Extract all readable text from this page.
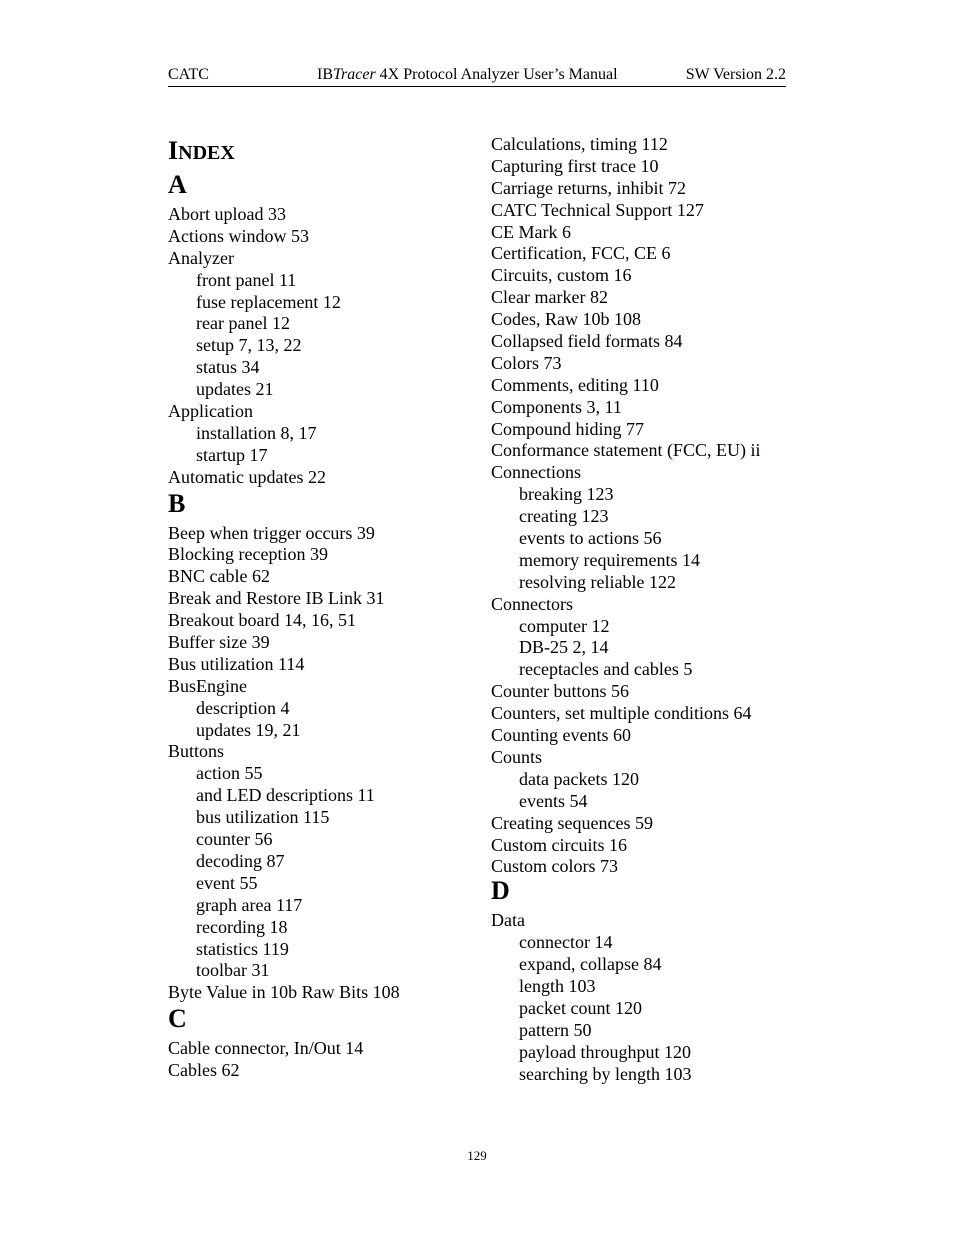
CATC	IBTracer 4X Protocol Analyzer User’s Manual	SW Version 2.2
INDEX
A
Abort upload 33
Actions window 53
Analyzer
front panel 11
fuse replacement 12
rear panel 12
setup 7, 13, 22
status 34
updates 21
Application
installation 8, 17
startup 17
Automatic updates 22
B
Beep when trigger occurs 39
Blocking reception 39
BNC cable 62
Break and Restore IB Link 31
Breakout board 14, 16, 51
Buffer size 39
Bus utilization 114
BusEngine
description 4
updates 19, 21
Buttons
action 55
and LED descriptions 11
bus utilization 115
counter 56
decoding 87
event 55
graph area 117
recording 18
statistics 119
toolbar 31
Byte Value in 10b Raw Bits 108
C
Cable connector, In/Out 14
Cables 62
Calculations, timing 112
Capturing first trace 10
Carriage returns, inhibit 72
CATC Technical Support 127
CE Mark 6
Certification, FCC, CE 6
Circuits, custom 16
Clear marker 82
Codes, Raw 10b 108
Collapsed field formats 84
Colors 73
Comments, editing 110
Components 3, 11
Compound hiding 77
Conformance statement (FCC, EU) ii
Connections
breaking 123
creating 123
events to actions 56
memory requirements 14
resolving reliable 122
Connectors
computer 12
DB-25 2, 14
receptacles and cables 5
Counter buttons 56
Counters, set multiple conditions 64
Counting events 60
Counts
data packets 120
events 54
Creating sequences 59
Custom circuits 16
Custom colors 73
D
Data
connector 14
expand, collapse 84
length 103
packet count 120
pattern 50
payload throughput 120
searching by length 103
129
